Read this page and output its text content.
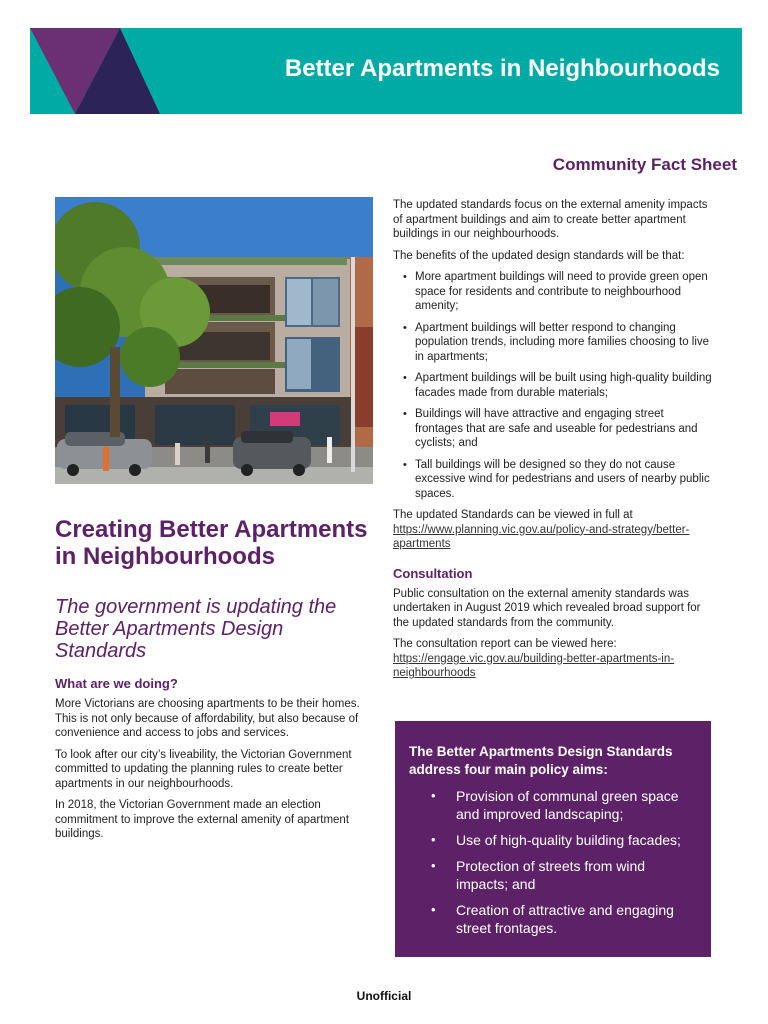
Better Apartments in Neighbourhoods
Community Fact Sheet
Creating Better Apartments in Neighbourhoods
The government is updating the Better Apartments Design Standards
What are we doing?

More Victorians are choosing apartments to be their homes. This is not only because of affordability, but also because of convenience and access to jobs and services.

To look after our city’s liveability, the Victorian Government committed to updating the planning rules to create better apartments in our neighbourhoods.

In 2018, the Victorian Government made an election commitment to improve the external amenity of apartment buildings.

The updated standards focus on the external amenity impacts of apartment buildings and aim to create better apartment buildings in our neighbourhoods.

The benefits of the updated design standards will be that:

• More apartment buildings will need to provide green open space for residents and contribute to neighbourhood amenity;
• Apartment buildings will better respond to changing population trends, including more families choosing to live in apartments;
• Apartment buildings will be built using high-quality building facades made from durable materials;
• Buildings will have attractive and engaging street frontages that are safe and useable for pedestrians and cyclists; and
• Tall buildings will be designed so they do not cause excessive wind for pedestrians and users of nearby public spaces.

The updated Standards can be viewed in full at
https://www.planning.vic.gov.au/policy-and-strategy/better-apartments

Consultation

Public consultation on the external amenity standards was undertaken in August 2019 which revealed broad support for the updated standards from the community.

The consultation report can be viewed here:
https://engage.vic.gov.au/building-better-apartments-in-neighbourhoods

The Better Apartments Design Standards address four main policy aims:

• Provision of communal green space and improved landscaping;
• Use of high-quality building facades;
• Protection of streets from wind impacts; and
• Creation of attractive and engaging street frontages.
Unofficial
